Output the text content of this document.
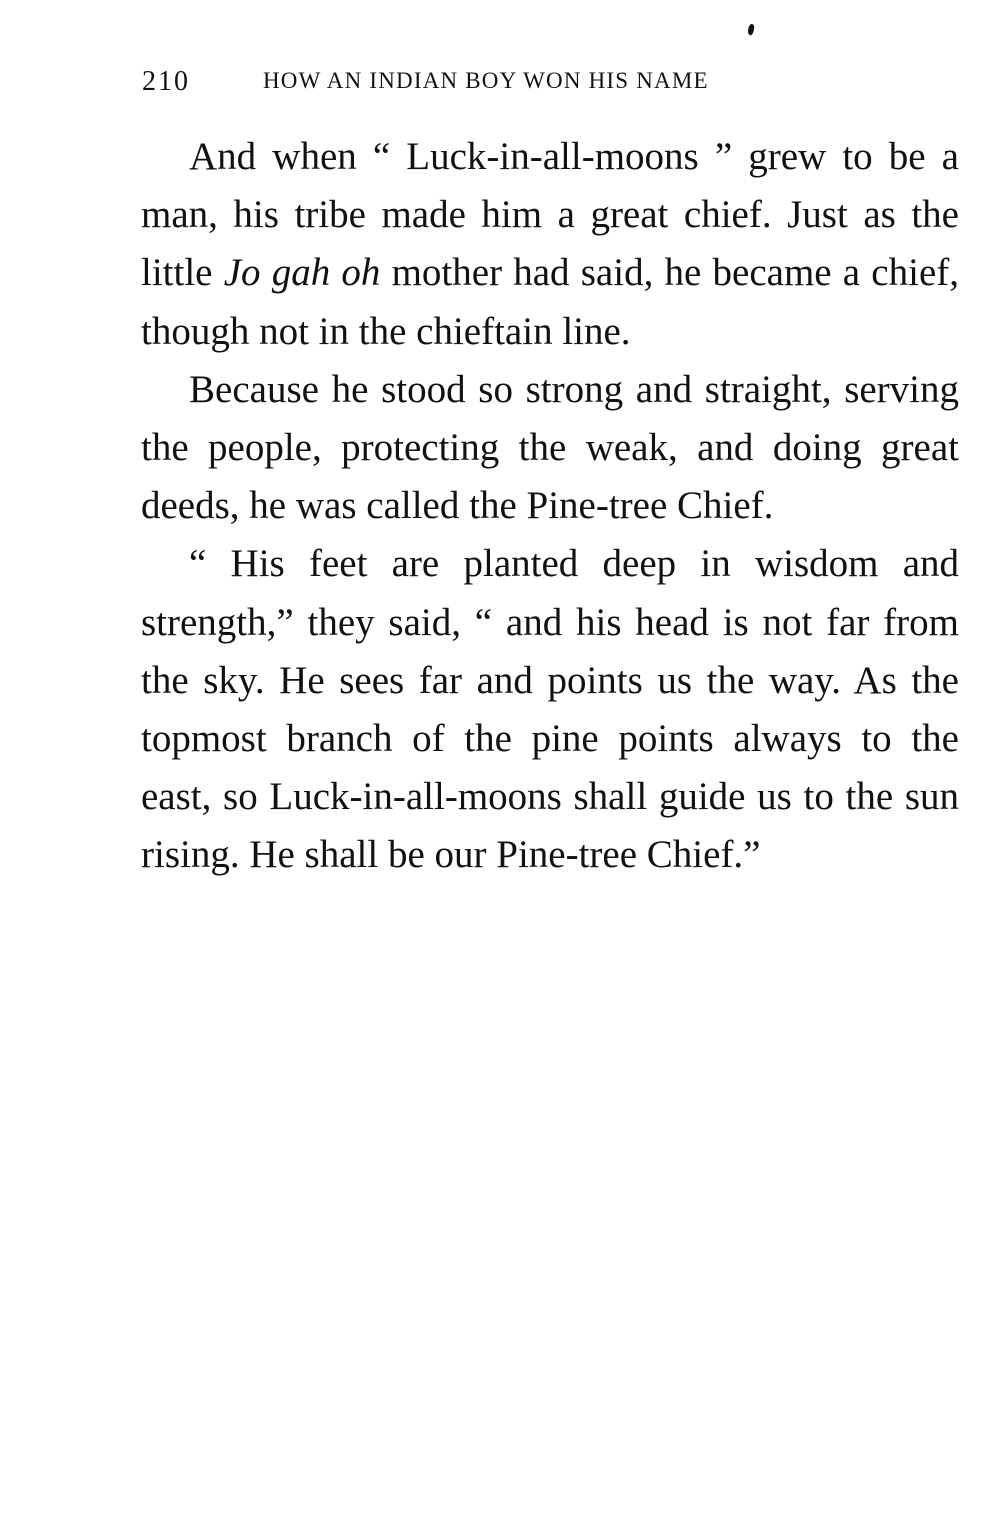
210	HOW AN INDIAN BOY WON HIS NAME

And when “ Luck-in-all-moons ” grew to be a man, his tribe made him a great chief. Just as the little Jo gah oh mother had said, he became a chief, though not in the chieftain line.

Because he stood so strong and straight, serving the people, protecting the weak, and doing great deeds, he was called the Pine-tree Chief.

“ His feet are planted deep in wisdom and strength,” they said, “ and his head is not far from the sky. He sees far and points us the way. As the topmost branch of the pine points always to the east, so Luck-in-all-moons shall guide us to the sun rising. He shall be our Pine-tree Chief.”
